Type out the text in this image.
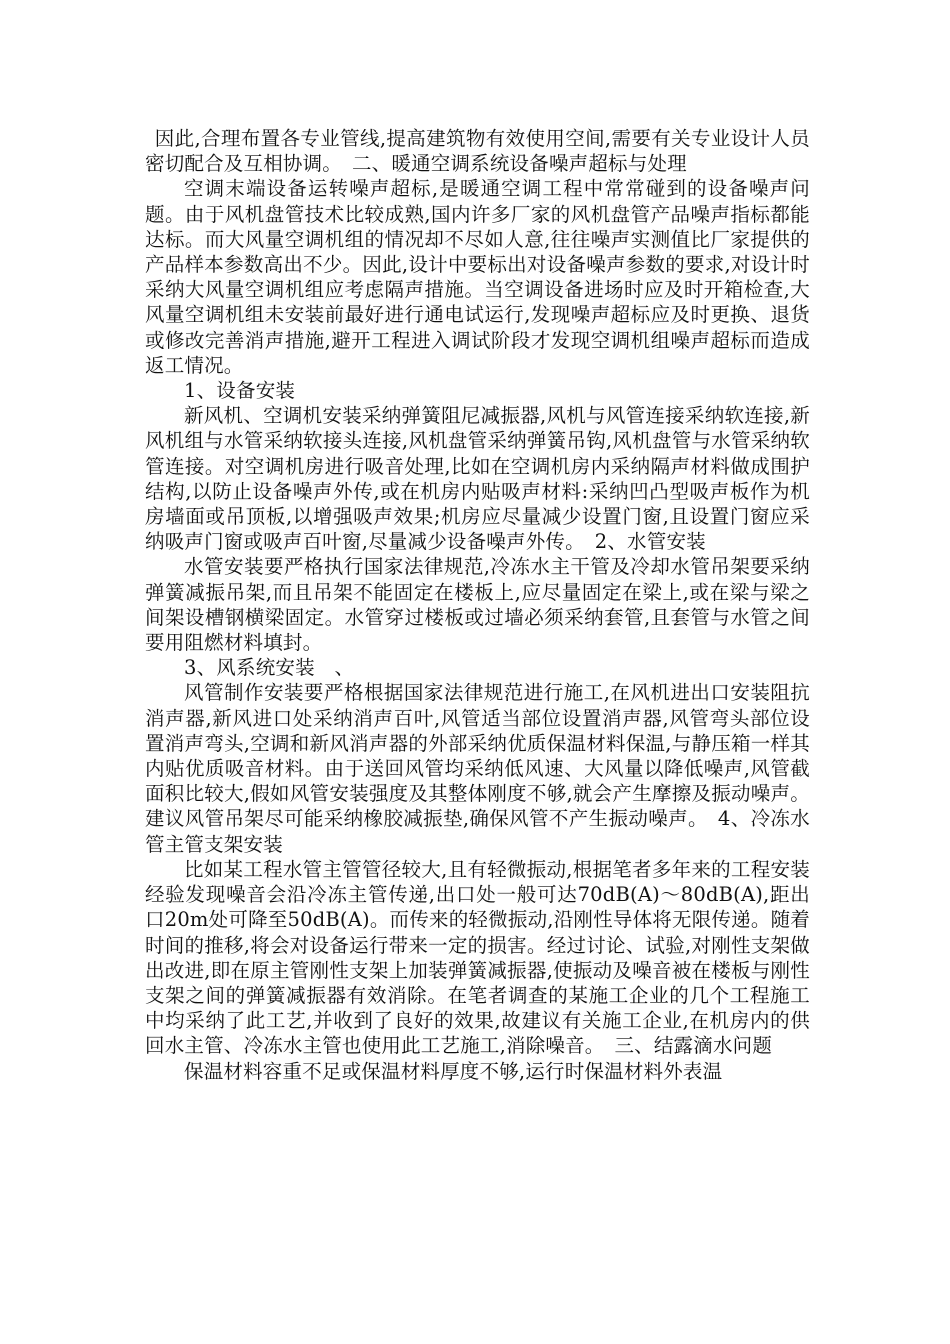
因此,合理布置各专业管线,提高建筑物有效使用空间,需要有关专业设计人员密切配合及互相协调。　二、暖通空调系统设备噪声超标与处理

空调末端设备运转噪声超标,是暖通空调工程中常常碰到的设备噪声问题。由于风机盘管技术比较成熟,国内许多厂家的风机盘管产品噪声指标都能达标。而大风量空调机组的情况却不尽如人意,往往噪声实测值比厂家提供的产品样本参数高出不少。因此,设计中要标出对设备噪声参数的要求,对设计时采纳大风量空调机组应考虑隔声措施。当空调设备进场时应及时开箱检查,大风量空调机组未安装前最好进行通电试运行,发现噪声超标应及时更换、退货或修改完善消声措施,避开工程进入调试阶段才发现空调机组噪声超标而造成返工情况。

1、设备安装

新风机、空调机安装采纳弹簧阻尼减振器,风机与风管连接采纳软连接,新风机组与水管采纳软接头连接,风机盘管采纳弹簧吊钩,风机盘管与水管采纳软管连接。对空调机房进行吸音处理,比如在空调机房内采纳隔声材料做成围护结构,以防止设备噪声外传,或在机房内贴吸声材料:采纳凹凸型吸声板作为机房墙面或吊顶板,以增强吸声效果;机房应尽量减少设置门窗,且设置门窗应采纳吸声门窗或吸声百叶窗,尽量减少设备噪声外传。　2、水管安装

水管安装要严格执行国家法律规范,冷冻水主干管及冷却水管吊架要采纳弹簧减振吊架,而且吊架不能固定在楼板上,应尽量固定在梁上,或在梁与梁之间架设槽钢横梁固定。水管穿过楼板或过墙必须采纳套管,且套管与水管之间要用阻燃材料填封。

3、风系统安装　、

风管制作安装要严格根据国家法律规范进行施工,在风机进出口安装阻抗消声器,新风进口处采纳消声百叶,风管适当部位设置消声器,风管弯头部位设置消声弯头,空调和新风消声器的外部采纳优质保温材料保温,与静压箱一样其内贴优质吸音材料。由于送回风管均采纳低风速、大风量以降低噪声,风管截面积比较大,假如风管安装强度及其整体刚度不够,就会产生摩擦及振动噪声。建议风管吊架尽可能采纳橡胶减振垫,确保风管不产生振动噪声。　4、冷冻水管主管支架安装

比如某工程水管主管管径较大,且有轻微振动,根据笔者多年来的工程安装经验发现噪音会沿冷冻主管传递,出口处一般可达70dB(A)～80dB(A),距出口20m处可降至50dB(A)。而传来的轻微振动,沿刚性导体将无限传递。随着时间的推移,将会对设备运行带来一定的损害。经过讨论、试验,对刚性支架做出改进,即在原主管刚性支架上加装弹簧减振器,使振动及噪音被在楼板与刚性支架之间的弹簧减振器有效消除。在笔者调查的某施工企业的几个工程施工中均采纳了此工艺,并收到了良好的效果,故建议有关施工企业,在机房内的供回水主管、冷冻水主管也使用此工艺施工,消除噪音。　三、结露滴水问题

保温材料容重不足或保温材料厚度不够,运行时保温材料外表温
